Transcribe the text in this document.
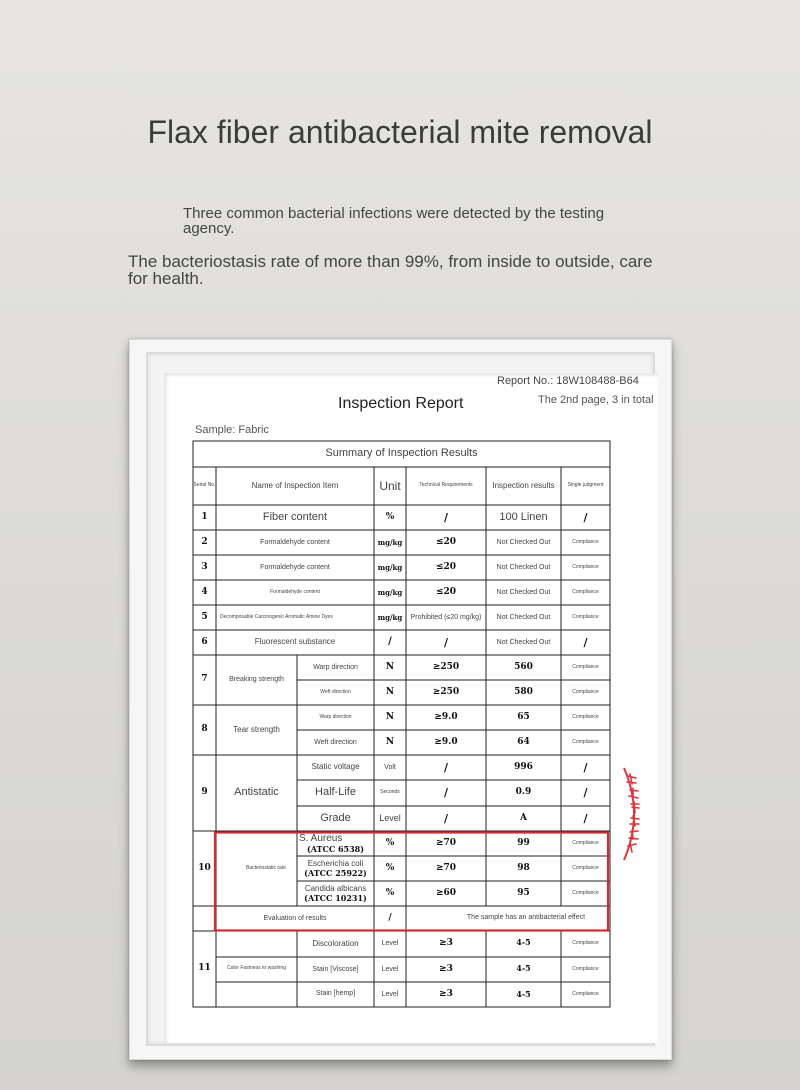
Flax fiber antibacterial mite removal
Three common bacterial infections were detected by the testing agency.
The bacteriostasis rate of more than 99%, from inside to outside, care for health.
Report No.: 18W108488-B64
Inspection Report	The 2nd page, 3 in total
Sample: Fabric
Summary of Inspection Results
Serial No.	Name of Inspection Item	Unit	Technical Requirements	Inspection results	Single judgment
1	Fiber content	%	/	100 Linen	/
2	Formaldehyde content	mg/kg	≤20	Not Checked Out	Compliance
3	Formaldehyde content	mg/kg	≤20	Not Checked Out	Compliance
4	Formaldehyde content	mg/kg	≤20	Not Checked Out	Compliance
5	Decomposable Carcinogenic Aromatic Amine Dyes	mg/kg	Prohibited (≤20 mg/kg)	Not Checked Out	Compliance
6	Fluorescent substance	/	/	Not Checked Out	/
7	Breaking strength
Warp direction	N	≥250	560	Compliance
Weft direction	N	≥250	580	Compliance
8	Tear strength
Warp direction	N	≥9.0	65	Compliance
Weft direction	N	≥9.0	64	Compliance
9	Antistatic
Static voltage	Volt	/	996	/
Half-Life	Seconds	/	0.9	/
Grade	Level	/	A	/
10	Bacteriostatic rate
S. Aureus
(ATCC 6538)
%	≥70	99	Compliance
Escherichia coli
(ATCC 25922)	%	≥70	98	Compliance
Candida albicans
(ATCC 10231)	%	≥60	95	Compliance
Evaluation of results	/	The sample has an antibacterial effect
11	Color Fastness to washing
Discoloration	Level	≥3	4-5	Compliance
Stain [Viscose]	Level	≥3	4-5	Compliance
Stain [hemp]	Level	≥3	4-5	Compliance
